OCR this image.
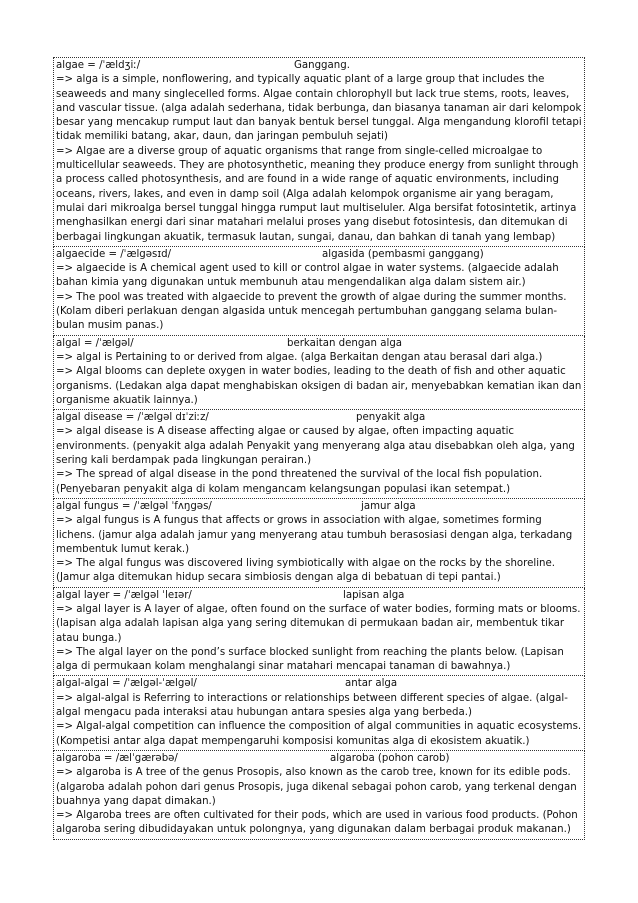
algae = /ˈældʒiː/	Ganggang.

=> alga is a simple, nonflowering, and typically aquatic plant of a large group that includes the seaweeds and many singlecelled forms. Algae contain chlorophyll but lack true stems, roots, leaves, and vascular tissue. (alga adalah sederhana, tidak berbunga, dan biasanya tanaman air dari kelompok besar yang mencakup rumput laut dan banyak bentuk bersel tunggal. Alga mengandung klorofil tetapi tidak memiliki batang, akar, daun, dan jaringan pembuluh sejati)

=> Algae are a diverse group of aquatic organisms that range from single-celled microalgae to multicellular seaweeds. They are photosynthetic, meaning they produce energy from sunlight through a process called photosynthesis, and are found in a wide range of aquatic environments, including oceans, rivers, lakes, and even in damp soil (Alga adalah kelompok organisme air yang beragam, mulai dari mikroalga bersel tunggal hingga rumput laut multiseluler. Alga bersifat fotosintetik, artinya menghasilkan energi dari sinar matahari melalui proses yang disebut fotosintesis, dan ditemukan di berbagai lingkungan akuatik, termasuk lautan, sungai, danau, dan bahkan di tanah yang lembap)

algaecide = /ˈælgəsɪd/	algasida (pembasmi ganggang)

=> algaecide is A chemical agent used to kill or control algae in water systems. (algaecide adalah bahan kimia yang digunakan untuk membunuh atau mengendalikan alga dalam sistem air.)

=> The pool was treated with algaecide to prevent the growth of algae during the summer months. (Kolam diberi perlakuan dengan algasida untuk mencegah pertumbuhan ganggang selama bulan-bulan musim panas.)

algal = /ˈælgəl/	berkaitan dengan alga

=> algal is Pertaining to or derived from algae. (alga Berkaitan dengan atau berasal dari alga.)

=> Algal blooms can deplete oxygen in water bodies, leading to the death of fish and other aquatic organisms. (Ledakan alga dapat menghabiskan oksigen di badan air, menyebabkan kematian ikan dan organisme akuatik lainnya.)

algal disease = /ˈælgəl dɪˈziːz/	penyakit alga

=> algal disease is A disease affecting algae or caused by algae, often impacting aquatic environments. (penyakit alga adalah Penyakit yang menyerang alga atau disebabkan oleh alga, yang sering kali berdampak pada lingkungan perairan.)

=> The spread of algal disease in the pond threatened the survival of the local fish population. (Penyebaran penyakit alga di kolam mengancam kelangsungan populasi ikan setempat.)

algal fungus = /ˈælgəl ˈfʌŋgəs/	jamur alga

=> algal fungus is A fungus that affects or grows in association with algae, sometimes forming lichens. (jamur alga adalah jamur yang menyerang atau tumbuh berasosiasi dengan alga, terkadang membentuk lumut kerak.)

=> The algal fungus was discovered living symbiotically with algae on the rocks by the shoreline. (Jamur alga ditemukan hidup secara simbiosis dengan alga di bebatuan di tepi pantai.)

algal layer = /ˈælgəl ˈleɪər/	lapisan alga

=> algal layer is A layer of algae, often found on the surface of water bodies, forming mats or blooms. (lapisan alga adalah lapisan alga yang sering ditemukan di permukaan badan air, membentuk tikar atau bunga.)

=> The algal layer on the pond’s surface blocked sunlight from reaching the plants below. (Lapisan alga di permukaan kolam menghalangi sinar matahari mencapai tanaman di bawahnya.)

algal-algal = /ˈælgəl-ˈælgəl/	antar alga

=> algal-algal is Referring to interactions or relationships between different species of algae. (algal-algal mengacu pada interaksi atau hubungan antara spesies alga yang berbeda.)

=> Algal-algal competition can influence the composition of algal communities in aquatic ecosystems. (Kompetisi antar alga dapat mempengaruhi komposisi komunitas alga di ekosistem akuatik.)

algaroba = /ælˈgærəbə/	algaroba (pohon carob)

=> algaroba is A tree of the genus Prosopis, also known as the carob tree, known for its edible pods. (algaroba adalah pohon dari genus Prosopis, juga dikenal sebagai pohon carob, yang terkenal dengan buahnya yang dapat dimakan.)

=> Algaroba trees are often cultivated for their pods, which are used in various food products. (Pohon algaroba sering dibudidayakan untuk polongnya, yang digunakan dalam berbagai produk makanan.)
